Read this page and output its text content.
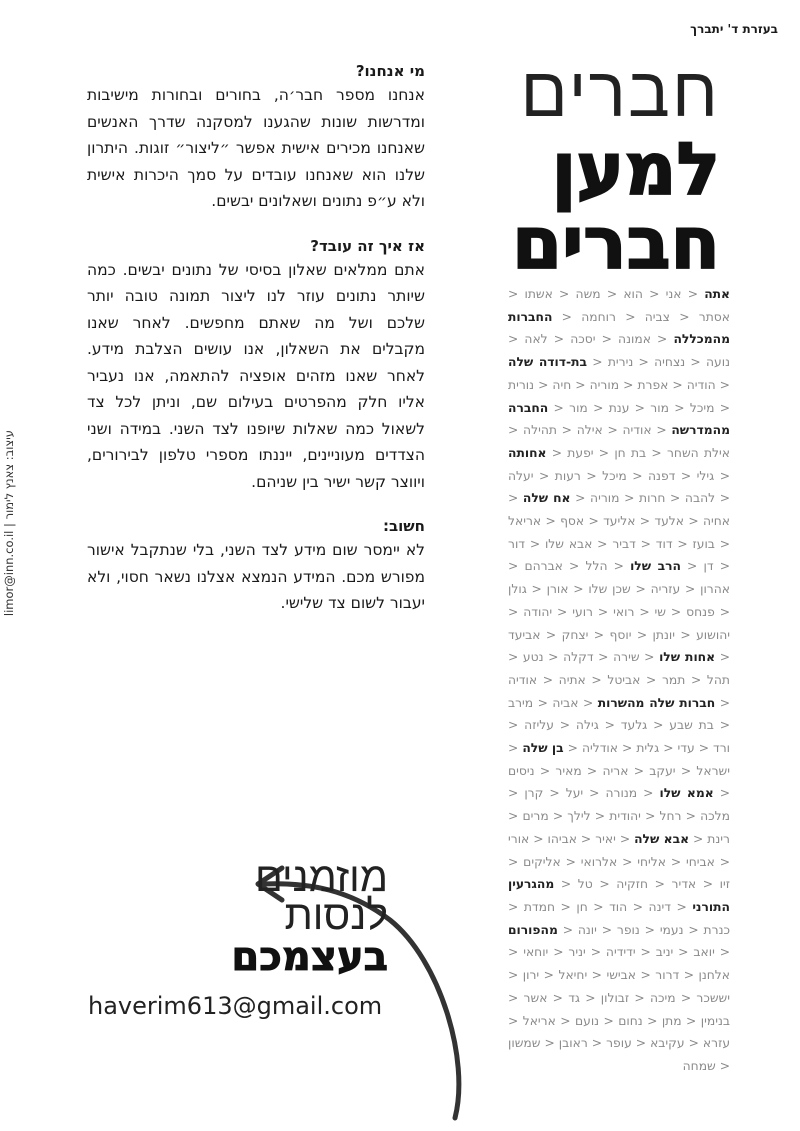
בעזרת ד' יתברך
חברים
למען
חברים
מי אנחנו?

אנחנו מספר חבר׳ה, בחורים ובחורות מישיבות ומדרשות שונות שהגענו למסקנה שדרך האנשים שאנחנו מכירים אישית אפשר ״ליצור״ זוגות. היתרון שלנו הוא שאנחנו עובדים על סמך היכרות אישית ולא ע״פ נתונים ושאלונים יבשים.

אז איך זה עובד?

אתם ממלאים שאלון בסיסי של נתונים יבשים. כמה שיותר נתונים עוזר לנו ליצור תמונה טובה יותר שלכם ושל מה שאתם מחפשים. לאחר שאנו מקבלים את השאלון, אנו עושים הצלבת מידע. לאחר שאנו מזהים אופציה להתאמה, אנו נעביר אליו חלק מהפרטים בעילום שם, וניתן לכל צד לשאול כמה שאלות שיופנו לצד השני. במידה ושני הצדדים מעוניינים, ייננתו מספרי טלפון לבירורים, ויווצר קשר ישיר בין שניהם.

חשוב:

לא יימסר שום מידע לצד השני, בלי שנתקבל אישור מפורש מכם. המידע הנמצא אצלנו נשאר חסוי, ולא יעבור לשום צד שלישי.

אתה < אני < הוא < משה < אשתו < אסתר < צביה < רוחמה < החברות מהמכללה < אמונה < יסכה < לאה < נועה < נצחיה < נירית < בת-דודה שלה < הודיה < אפרת < מוריה < חיה < נורית < מיכל < מור < ענת < מור < החברה מהמדרשה < אודיה < אילה < תהילה < אילת השחר < בת חן < יפעת < אחותה < גילי < דפנה < מיכל < רעות < יעלה < להבה < חרות < מוריה < אח שלה < אחיה < אלעד < אליעד < אסף < אריאל < בועז < דוד < דביר < אבא שלו < דור < דן < הרב שלו < הלל < אברהם < אהרון < עזריה < שכן שלו < אורן < גולן < פנחס < שי < רואי < רועי < יהודה < יהושוע < יונתן < יוסף < יצחק < אביעד < אחות שלו < שירה < דקלה < נטע < תהל < תמר < אביטל < אתיה < אודיה < חברות שלה מהשרות < אביה < מירב < בת שבע < גלעד < גילה < עליזה < ורד < עדי < גלית < אודליה < בן שלה < ישראל < יעקב < אריה < מאיר < ניסים < אמא שלו < מנורה < יעל < קרן < מלכה < רחל < יהודית < לילך < מרים < רינת < אבא שלה < יאיר < אביהו < אורי < אביחי < אליחי < אלרואי < אליקים < זיו < אדיר < חזקיה < טל < מהגרעין התורני < דינה < הוד < חן < חמדת < כנרת < נעמי < נופר < יונה < מהפורום < יואב < יניב < ידידיה < יניר < יוחאי < אלחנן < דרור < אבישי < יחיאל < ירון < יששכר < מיכה < זבולון < גד < אשר < בנימין < מתן < נחום < נועם < אריאל < עזרא < עקיבא < עופר < ראובן < שמשון < שמחה
עיצוב: צאנץ לימור | limor@inn.co.il
מוזמנים
לנסות
בעצמכם
haverim613@gmail.com
